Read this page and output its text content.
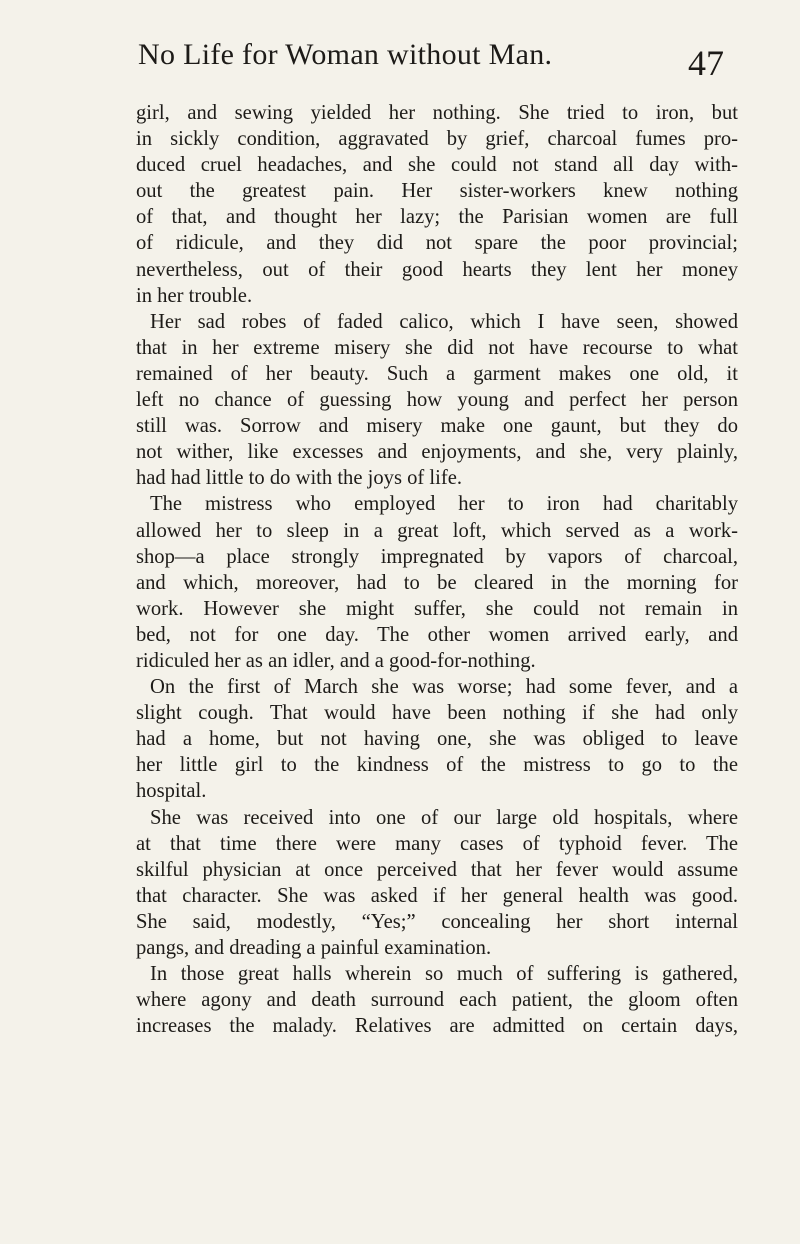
No Life for Woman without Man.	47
girl, and sewing yielded her nothing. She tried to iron, but
in sickly condition, aggravated by grief, charcoal fumes pro-
duced cruel headaches, and she could not stand all day with-
out the greatest pain. Her sister-workers knew nothing
of that, and thought her lazy; the Parisian women are full
of ridicule, and they did not spare the poor provincial;
nevertheless, out of their good hearts they lent her money
in her trouble.
Her sad robes of faded calico, which I have seen, showed
that in her extreme misery she did not have recourse to what
remained of her beauty. Such a garment makes one old, it
left no chance of guessing how young and perfect her person
still was. Sorrow and misery make one gaunt, but they do
not wither, like excesses and enjoyments, and she, very plainly,
had had little to do with the joys of life.
The mistress who employed her to iron had charitably
allowed her to sleep in a great loft, which served as a work-
shop—a place strongly impregnated by vapors of charcoal,
and which, moreover, had to be cleared in the morning for
work. However she might suffer, she could not remain in
bed, not for one day. The other women arrived early, and
ridiculed her as an idler, and a good-for-nothing.
On the first of March she was worse; had some fever, and a
slight cough. That would have been nothing if she had only
had a home, but not having one, she was obliged to leave
her little girl to the kindness of the mistress to go to the
hospital.
She was received into one of our large old hospitals, where
at that time there were many cases of typhoid fever. The
skilful physician at once perceived that her fever would assume
that character. She was asked if her general health was good.
She said, modestly, “Yes;” concealing her short internal
pangs, and dreading a painful examination.
In those great halls wherein so much of suffering is gathered,
where agony and death surround each patient, the gloom often
increases the malady. Relatives are admitted on certain days,
